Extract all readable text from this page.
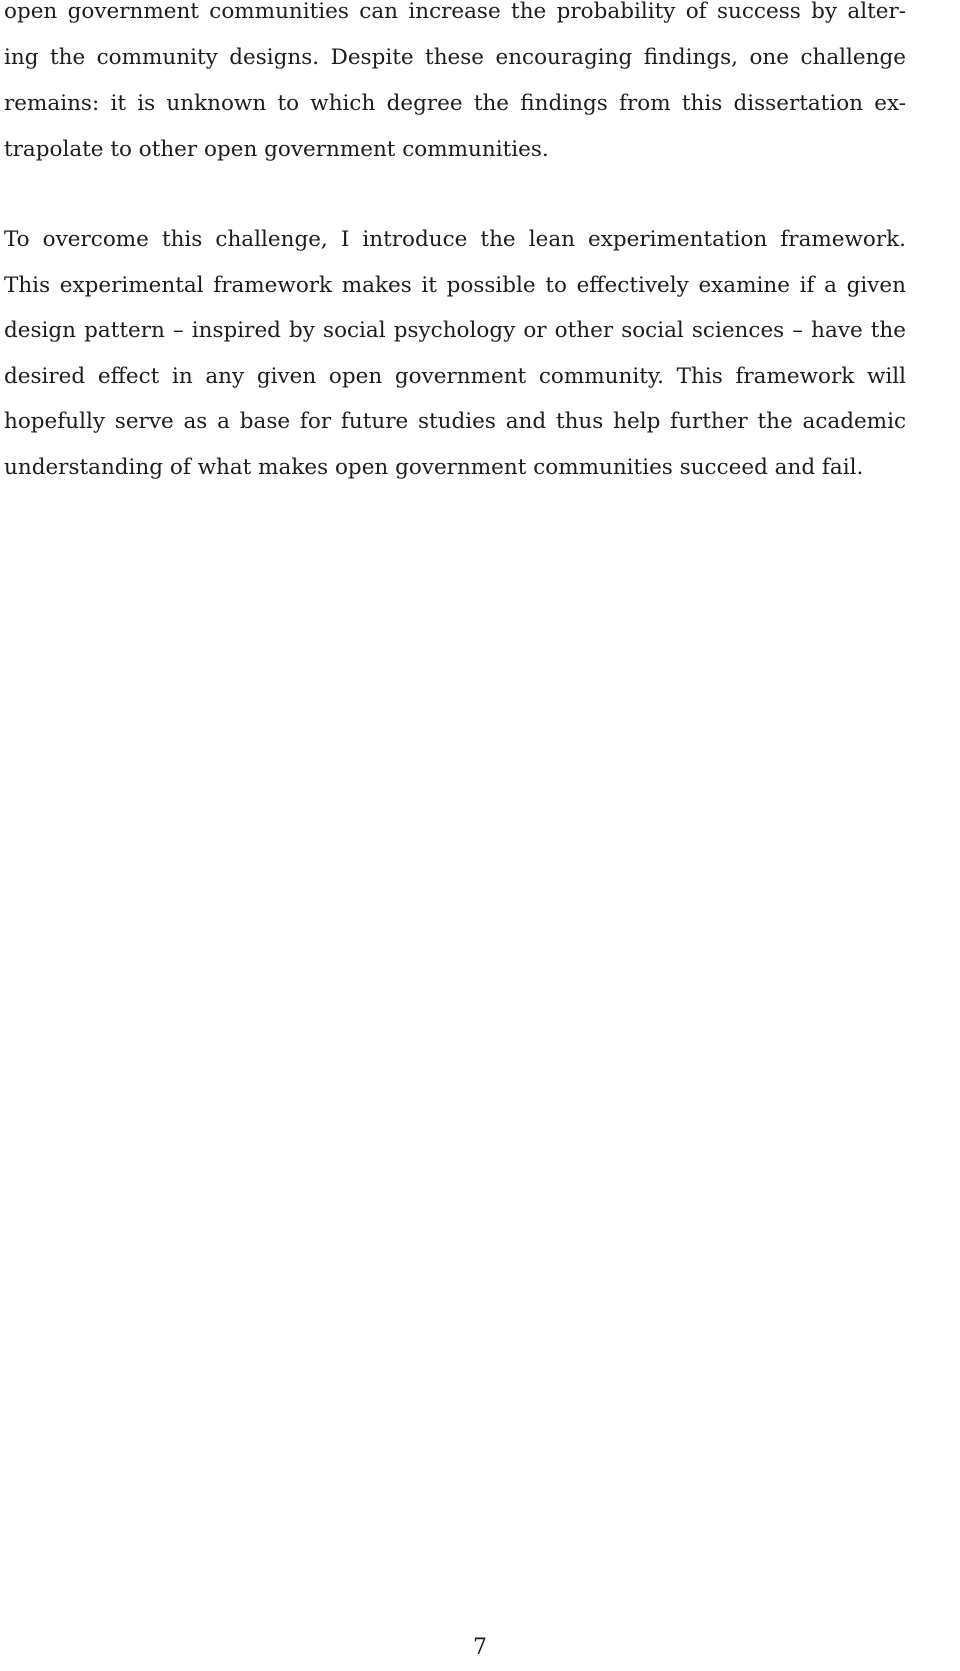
open government communities can increase the probability of success by alter-
ing the community designs. Despite these encouraging findings, one challenge
remains: it is unknown to which degree the findings from this dissertation ex-
trapolate to other open government communities.
To overcome this challenge, I introduce the lean experimentation framework.
This experimental framework makes it possible to effectively examine if a given
design pattern – inspired by social psychology or other social sciences – have the
desired effect in any given open government community. This framework will
hopefully serve as a base for future studies and thus help further the academic
understanding of what makes open government communities succeed and fail.
7
